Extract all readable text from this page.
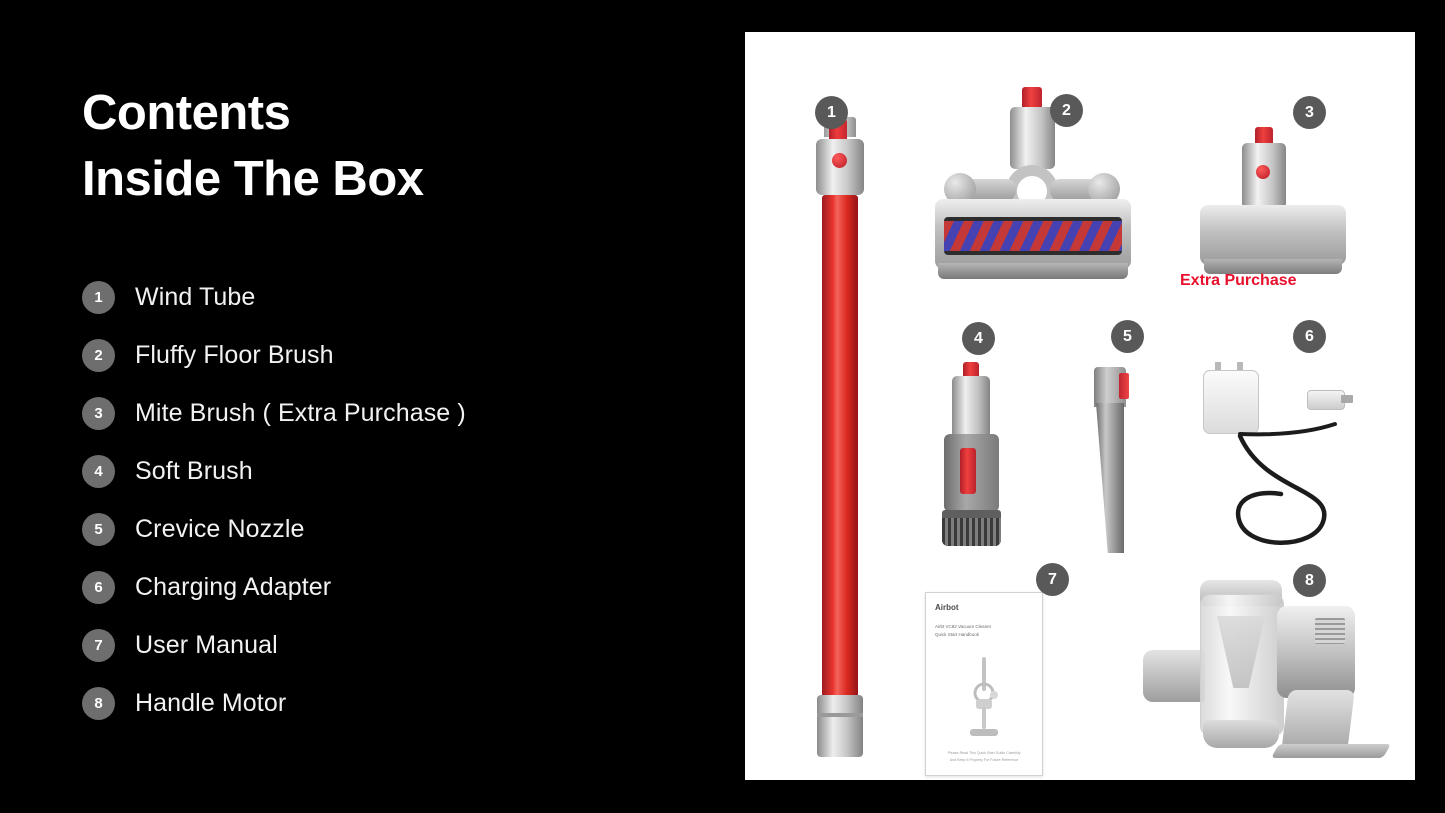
Contents
Inside The Box
1	Wind Tube
2	Fluffy Floor Brush
3	Mite Brush ( Extra Purchase )
4	Soft Brush
5	Crevice Nozzle
6	Charging Adapter
7	User Manual
8	Handle Motor
1	2	3
Extra Purchase
4	5	6
Airbot
Airbt VC82 Vacuum Cleaner
Quick Start Handbook
Please Read This Quick Start Guide Carefully
And Keep It Properly For Future Reference
7	8
